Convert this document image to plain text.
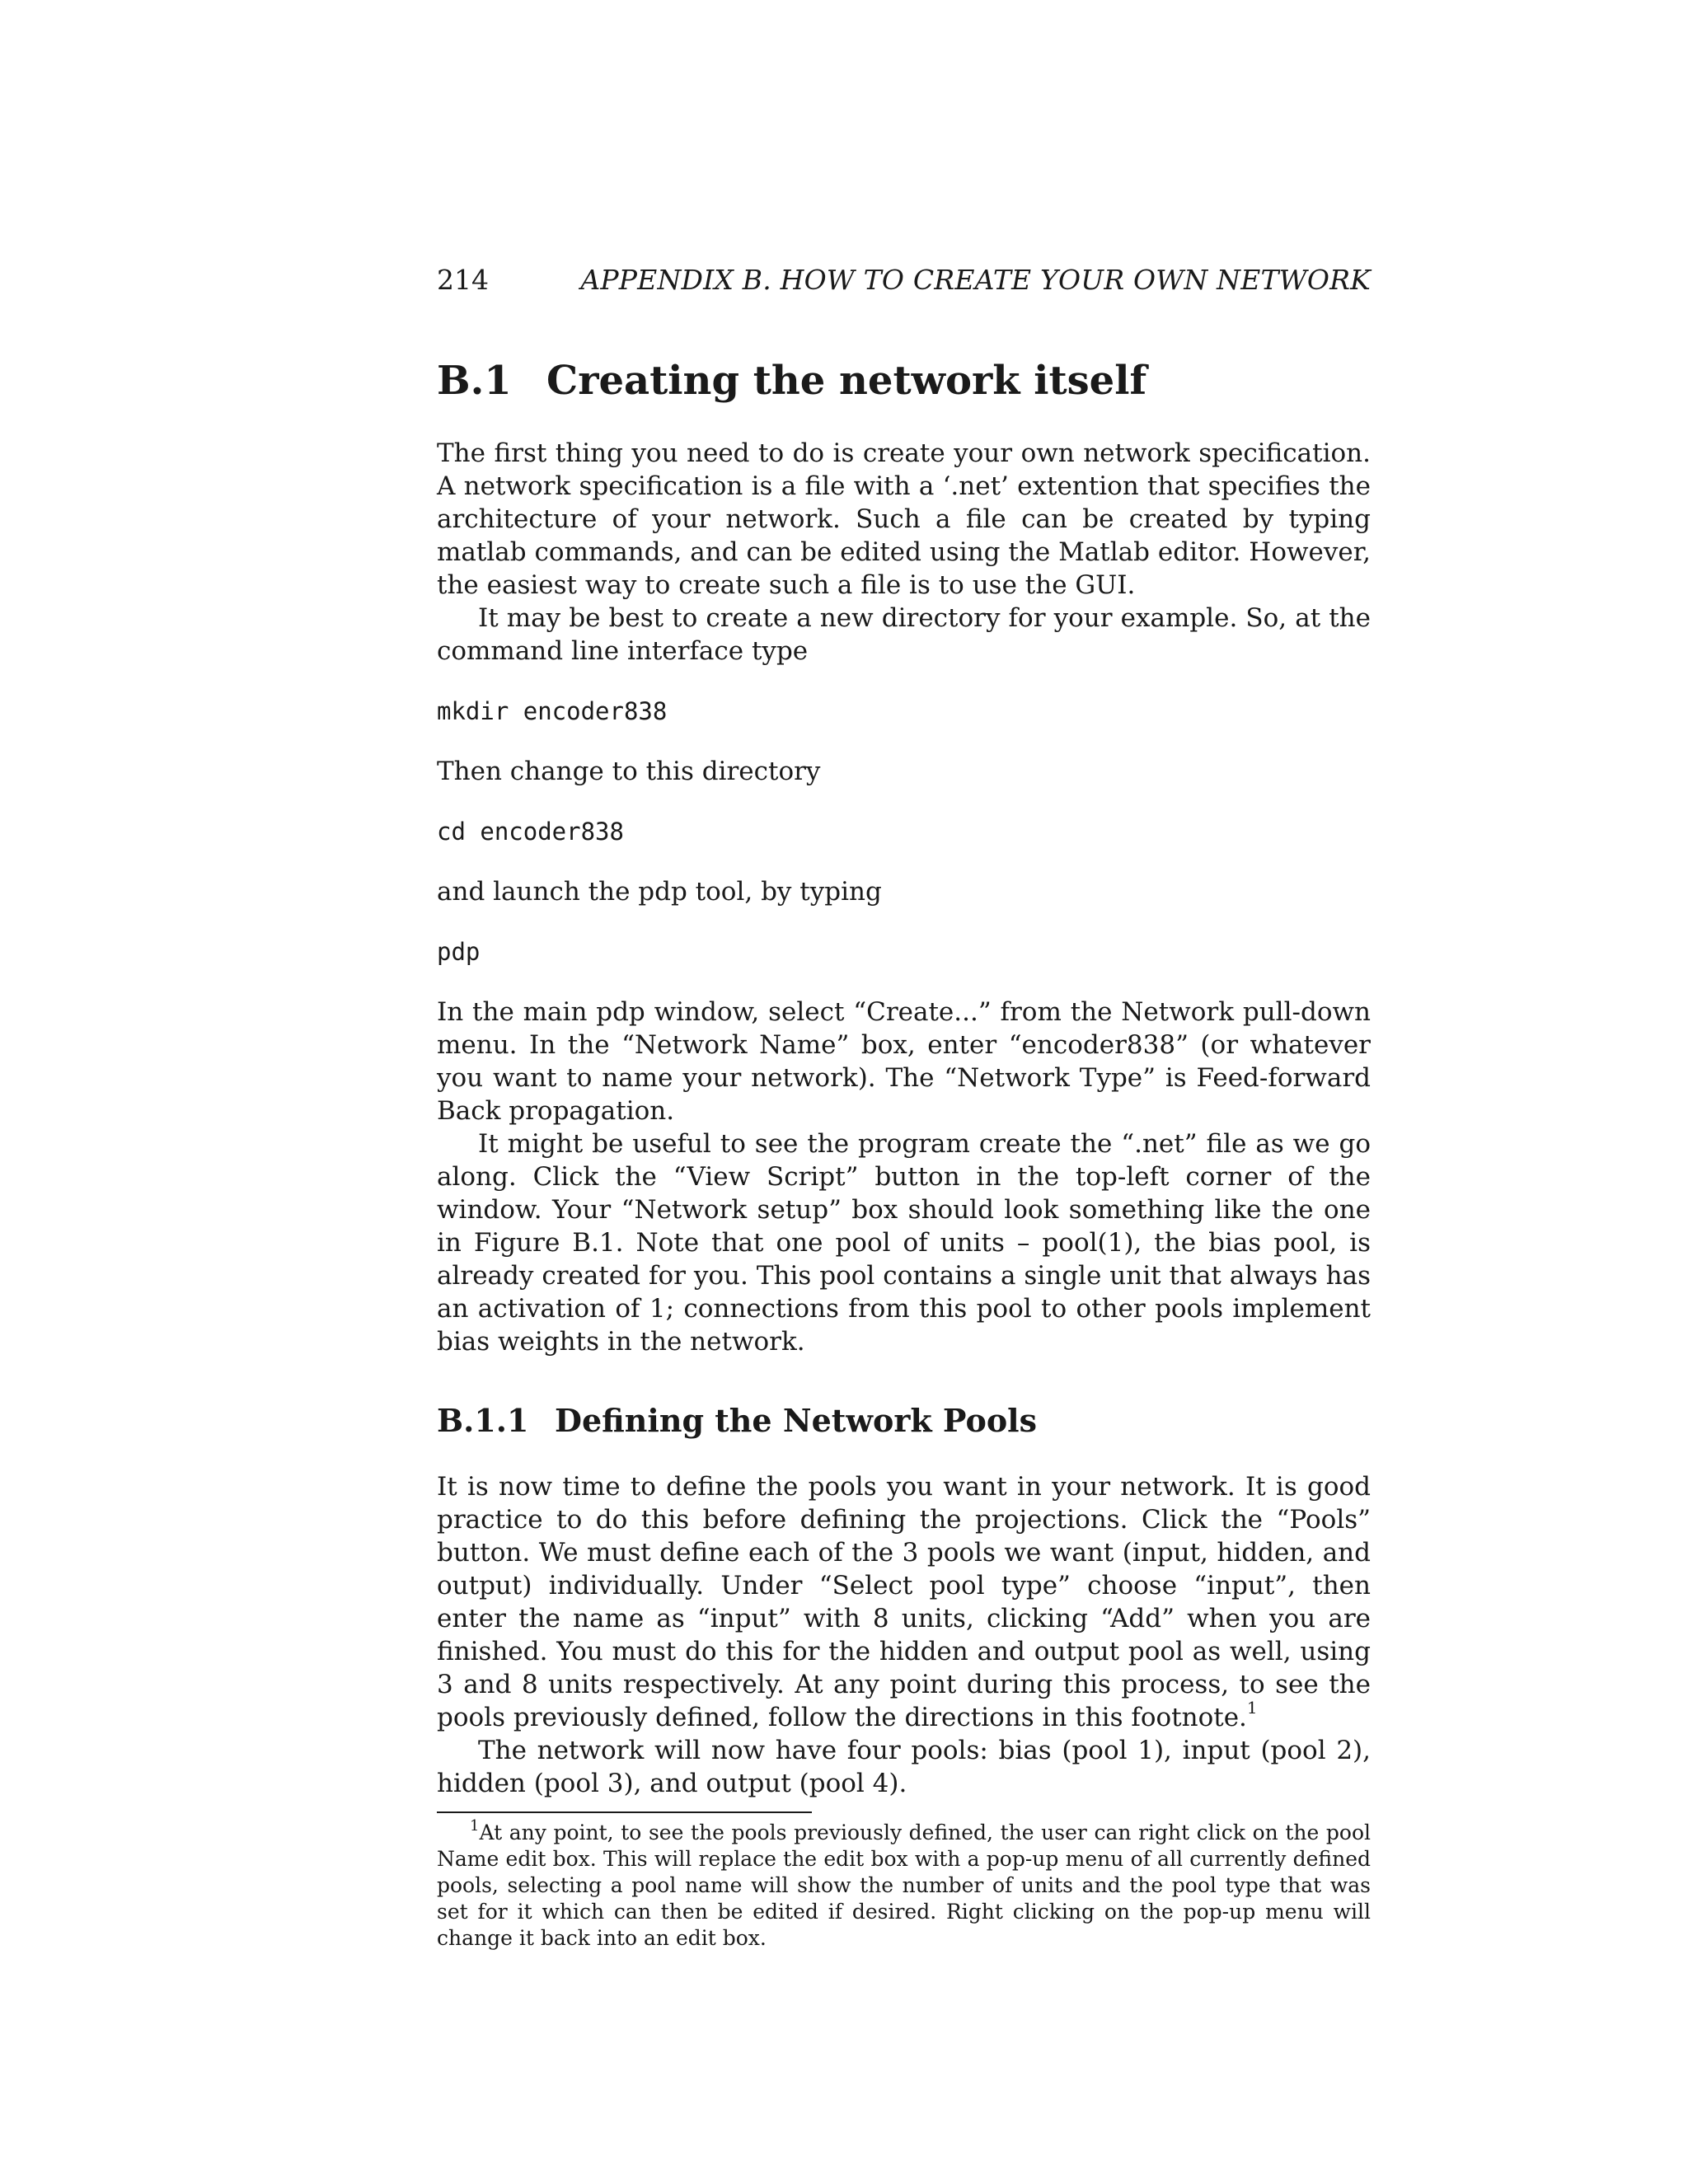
214	APPENDIX B. HOW TO CREATE YOUR OWN NETWORK
B.1 Creating the network itself

The first thing you need to do is create your own network specification. A network specification is a file with a ‘.net’ extention that specifies the architecture of your network. Such a file can be created by typing matlab commands, and can be edited using the Matlab editor. However, the easiest way to create such a file is to use the GUI.

It may be best to create a new directory for your example. So, at the command line interface type

mkdir encoder838

Then change to this directory

cd encoder838

and launch the pdp tool, by typing

pdp

In the main pdp window, select “Create...” from the Network pull-down menu. In the “Network Name” box, enter “encoder838” (or whatever you want to name your network). The “Network Type” is Feed-forward Back propagation.

It might be useful to see the program create the “.net” file as we go along. Click the “View Script” button in the top-left corner of the window. Your “Network setup” box should look something like the one in Figure B.1. Note that one pool of units – pool(1), the bias pool, is already created for you. This pool contains a single unit that always has an activation of 1; connections from this pool to other pools implement bias weights in the network.

B.1.1 Defining the Network Pools

It is now time to define the pools you want in your network. It is good practice to do this before defining the projections. Click the “Pools” button. We must define each of the 3 pools we want (input, hidden, and output) individually. Under “Select pool type” choose “input”, then enter the name as “input” with 8 units, clicking “Add” when you are finished. You must do this for the hidden and output pool as well, using 3 and 8 units respectively. At any point during this process, to see the pools previously defined, follow the directions in this footnote.$^1$

The network will now have four pools: bias (pool 1), input (pool 2), hidden (pool 3), and output (pool 4).

$^1$At any point, to see the pools previously defined, the user can right click on the pool Name edit box. This will replace the edit box with a pop-up menu of all currently defined pools, selecting a pool name will show the number of units and the pool type that was set for it which can then be edited if desired. Right clicking on the pop-up menu will change it back into an edit box.
